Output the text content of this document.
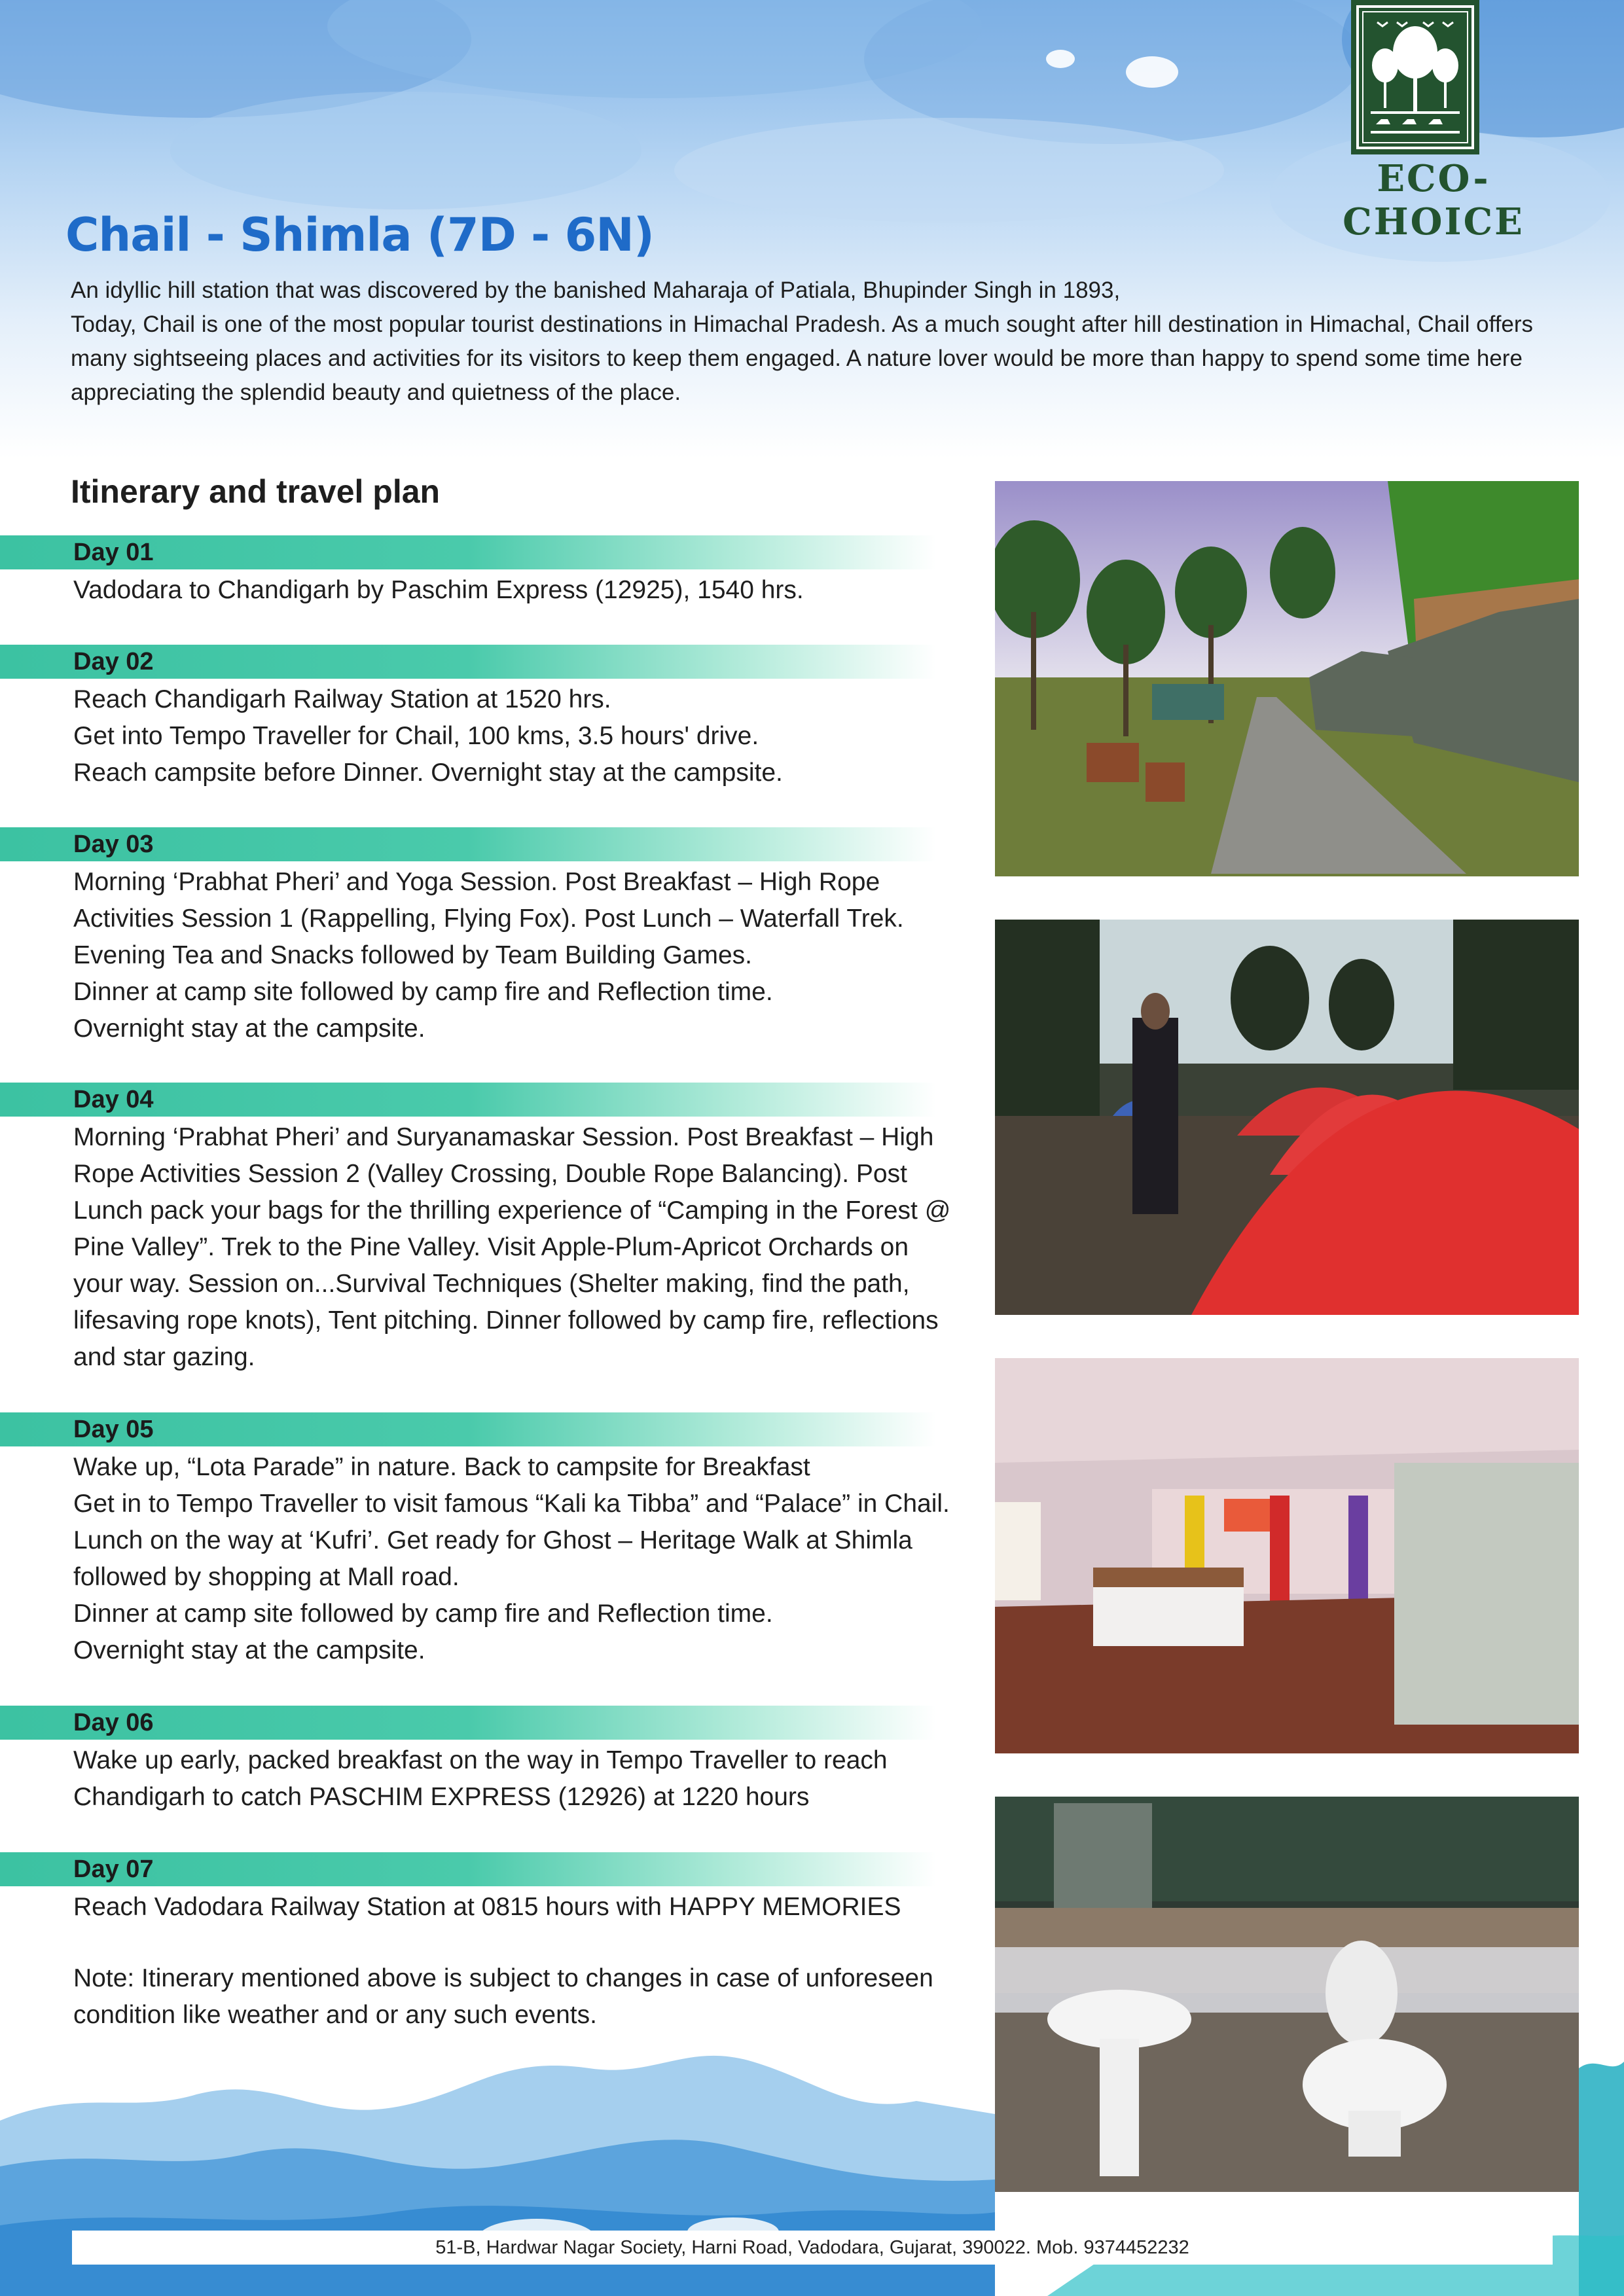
ECO-CHOICE
Chail - Shimla (7D - 6N)

An idyllic hill station that was discovered by the banished Maharaja of Patiala, Bhupinder Singh in 1893,

Today, Chail is one of the most popular tourist destinations in Himachal Pradesh. As a much sought after hill destination in Himachal, Chail offers many sightseeing places and activities for its visitors to keep them engaged. A nature lover would be more than happy to spend some time here appreciating the splendid beauty and quietness of the place.

Itinerary and travel plan
Day 01

Vadodara to Chandigarh by Paschim Express (12925), 1540 hrs.

Day 02

Reach Chandigarh Railway Station at 1520 hrs.

Get into Tempo Traveller for Chail, 100 kms, 3.5 hours' drive.

Reach campsite before Dinner. Overnight stay at the campsite.

Day 03

Morning ‘Prabhat Pheri’ and Yoga Session. Post Breakfast – High Rope Activities Session 1 (Rappelling, Flying Fox). Post Lunch – Waterfall Trek. Evening Tea and Snacks followed by Team Building Games.

Dinner at camp site followed by camp fire and Reflection time.

Overnight stay at the campsite.

Day 04

Morning ‘Prabhat Pheri’ and Suryanamaskar Session. Post Breakfast – High Rope Activities Session 2 (Valley Crossing, Double Rope Balancing). Post Lunch pack your bags for the thrilling experience of “Camping in the Forest @ Pine Valley”. Trek to the Pine Valley. Visit Apple-Plum-Apricot Orchards on your way. Session on...Survival Techniques (Shelter making, find the path, lifesaving rope knots), Tent pitching. Dinner followed by camp fire, reflections and star gazing.

Day 05

Wake up, “Lota Parade” in nature. Back to campsite for Breakfast

Get in to Tempo Traveller to visit famous “Kali ka Tibba” and “Palace” in Chail. Lunch on the way at ‘Kufri’. Get ready for Ghost – Heritage Walk at Shimla followed by shopping at Mall road.

Dinner at camp site followed by camp fire and Reflection time.

Overnight stay at the campsite.

Day 06

Wake up early, packed breakfast on the way in Tempo Traveller to reach Chandigarh to catch PASCHIM EXPRESS (12926) at 1220 hours

Day 07

Reach Vadodara Railway Station at 0815 hours with HAPPY MEMORIES

Note: Itinerary mentioned above is subject to changes in case of unforeseen condition like weather and or any such events.

51-B, Hardwar Nagar Society, Harni Road, Vadodara, Gujarat, 390022. Mob. 9374452232
